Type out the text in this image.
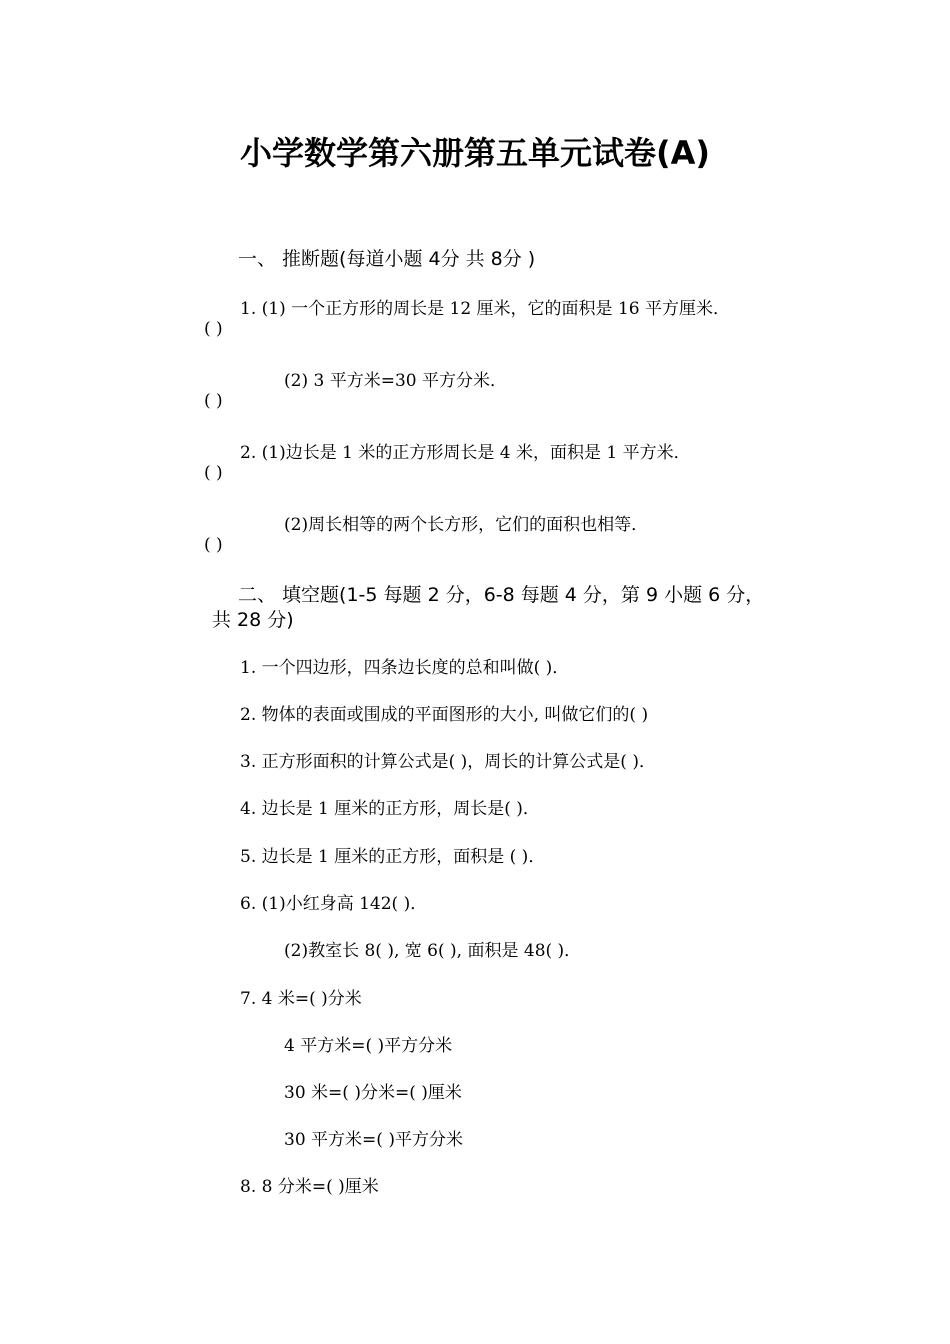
小学数学第六册第五单元试卷(A)
一、 推断题(每道小题 4分 共 8分 )
1. (1) 一个正方形的周长是 12 厘米，它的面积是 16 平方厘米．
( )
(2) 3 平方米=30 平方分米．
( )
2. (1)边长是 1 米的正方形周长是 4 米，面积是 1 平方米．
( )
(2)周长相等的两个长方形，它们的面积也相等．
( )
二、 填空题(1-5 每题 2 分，6-8 每题 4 分，第 9 小题 6 分，
共 28 分)
1. 一个四边形，四条边长度的总和叫做( )．
2. 物体的表面或围成的平面图形的大小, 叫做它们的( )
3. 正方形面积的计算公式是( )，周长的计算公式是( )．
4. 边长是 1 厘米的正方形，周长是( )．
5. 边长是 1 厘米的正方形，面积是 ( )．
6. (1)小红身高 142( )．
(2)教室长 8( ), 宽 6( ), 面积是 48( )．
7. 4 米=( )分米
4 平方米=( )平方分米
30 米=( )分米=( )厘米
30 平方米=( )平方分米
8. 8 分米=( )厘米
